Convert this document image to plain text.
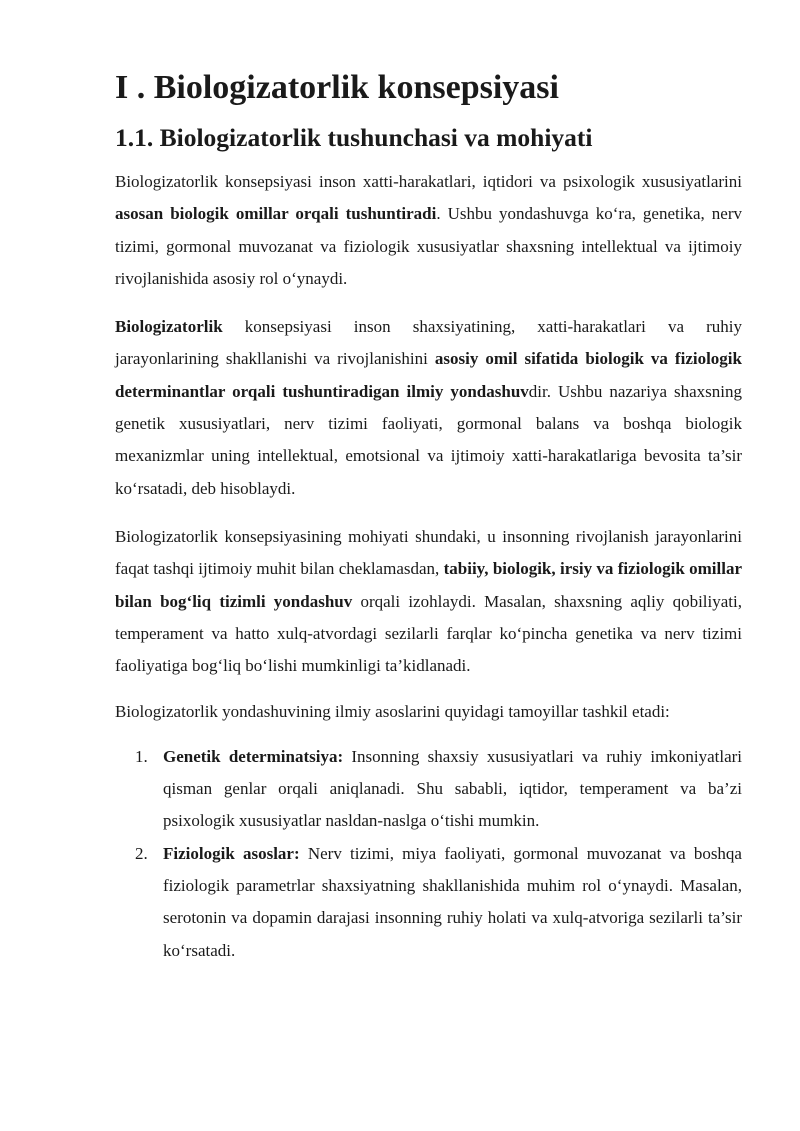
I . Biologizatorlik konsepsiyasi
1.1. Biologizatorlik tushunchasi va mohiyati

Biologizatorlik konsepsiyasi inson xatti-harakatlari, iqtidori va psixologik xususiyatlarini asosan biologik omillar orqali tushuntiradi. Ushbu yondashuvga ko‘ra, genetika, nerv tizimi, gormonal muvozanat va fiziologik xususiyatlar shaxsning intellektual va ijtimoiy rivojlanishida asosiy rol o‘ynaydi.

Biologizatorlik konsepsiyasi inson shaxsiyatining, xatti-harakatlari va ruhiy jarayonlarining shakllanishi va rivojlanishini asosiy omil sifatida biologik va fiziologik determinantlar orqali tushuntiradigan ilmiy yondashuvdir. Ushbu nazariya shaxsning genetik xususiyatlari, nerv tizimi faoliyati, gormonal balans va boshqa biologik mexanizmlar uning intellektual, emotsional va ijtimoiy xatti-harakatlariga bevosita ta’sir ko‘rsatadi, deb hisoblaydi.

Biologizatorlik konsepsiyasining mohiyati shundaki, u insonning rivojlanish jarayonlarini faqat tashqi ijtimoiy muhit bilan cheklamasdan, tabiiy, biologik, irsiy va fiziologik omillar bilan bog‘liq tizimli yondashuv orqali izohlaydi. Masalan, shaxsning aqliy qobiliyati, temperament va hatto xulq-atvordagi sezilarli farqlar ko‘pincha genetika va nerv tizimi faoliyatiga bog‘liq bo‘lishi mumkinligi ta’kidlanadi.

Biologizatorlik yondashuvining ilmiy asoslarini quyidagi tamoyillar tashkil etadi:

1. Genetik determinatsiya: Insonning shaxsiy xususiyatlari va ruhiy imkoniyatlari qisman genlar orqali aniqlanadi. Shu sababli, iqtidor, temperament va ba’zi psixologik xususiyatlar nasldan-naslga o‘tishi mumkin.
2. Fiziologik asoslar: Nerv tizimi, miya faoliyati, gormonal muvozanat va boshqa fiziologik parametrlar shaxsiyatning shakllanishida muhim rol o‘ynaydi. Masalan, serotonin va dopamin darajasi insonning ruhiy holati va xulq-atvoriga sezilarli ta’sir ko‘rsatadi.
